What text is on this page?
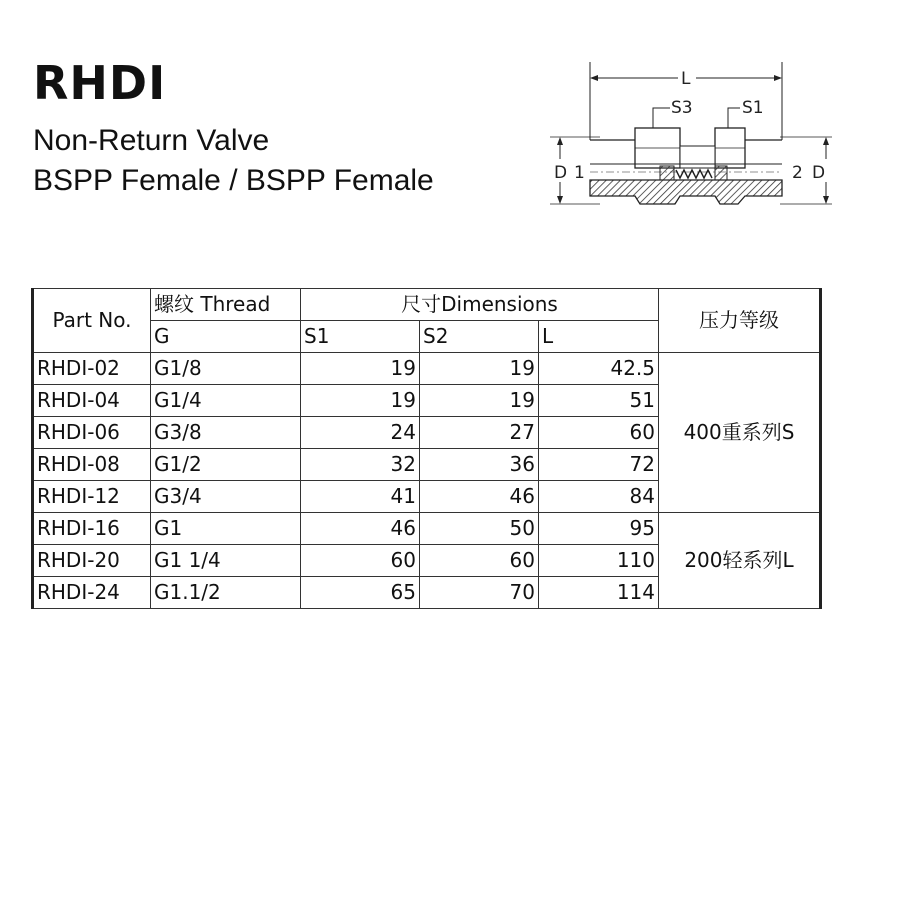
RHDI
Non-Return Valve
BSPP Female / BSPP Female
L
S3	S1
D 1	2 D
Part No.	螺纹 Thread	尺寸Dimensions			压力等级
	G	S1	S2	L	
RHDI-02	G1/8	19	19	42.5	400重系列S
RHDI-04	G1/4	19	19	51	
RHDI-06	G3/8	24	27	60	
RHDI-08	G1/2	32	36	72	
RHDI-12	G3/4	41	46	84	
RHDI-16	G1	46	50	95	200轻系列L
RHDI-20	G1 1/4	60	60	110	
RHDI-24	G1.1/2	65	70	114	
